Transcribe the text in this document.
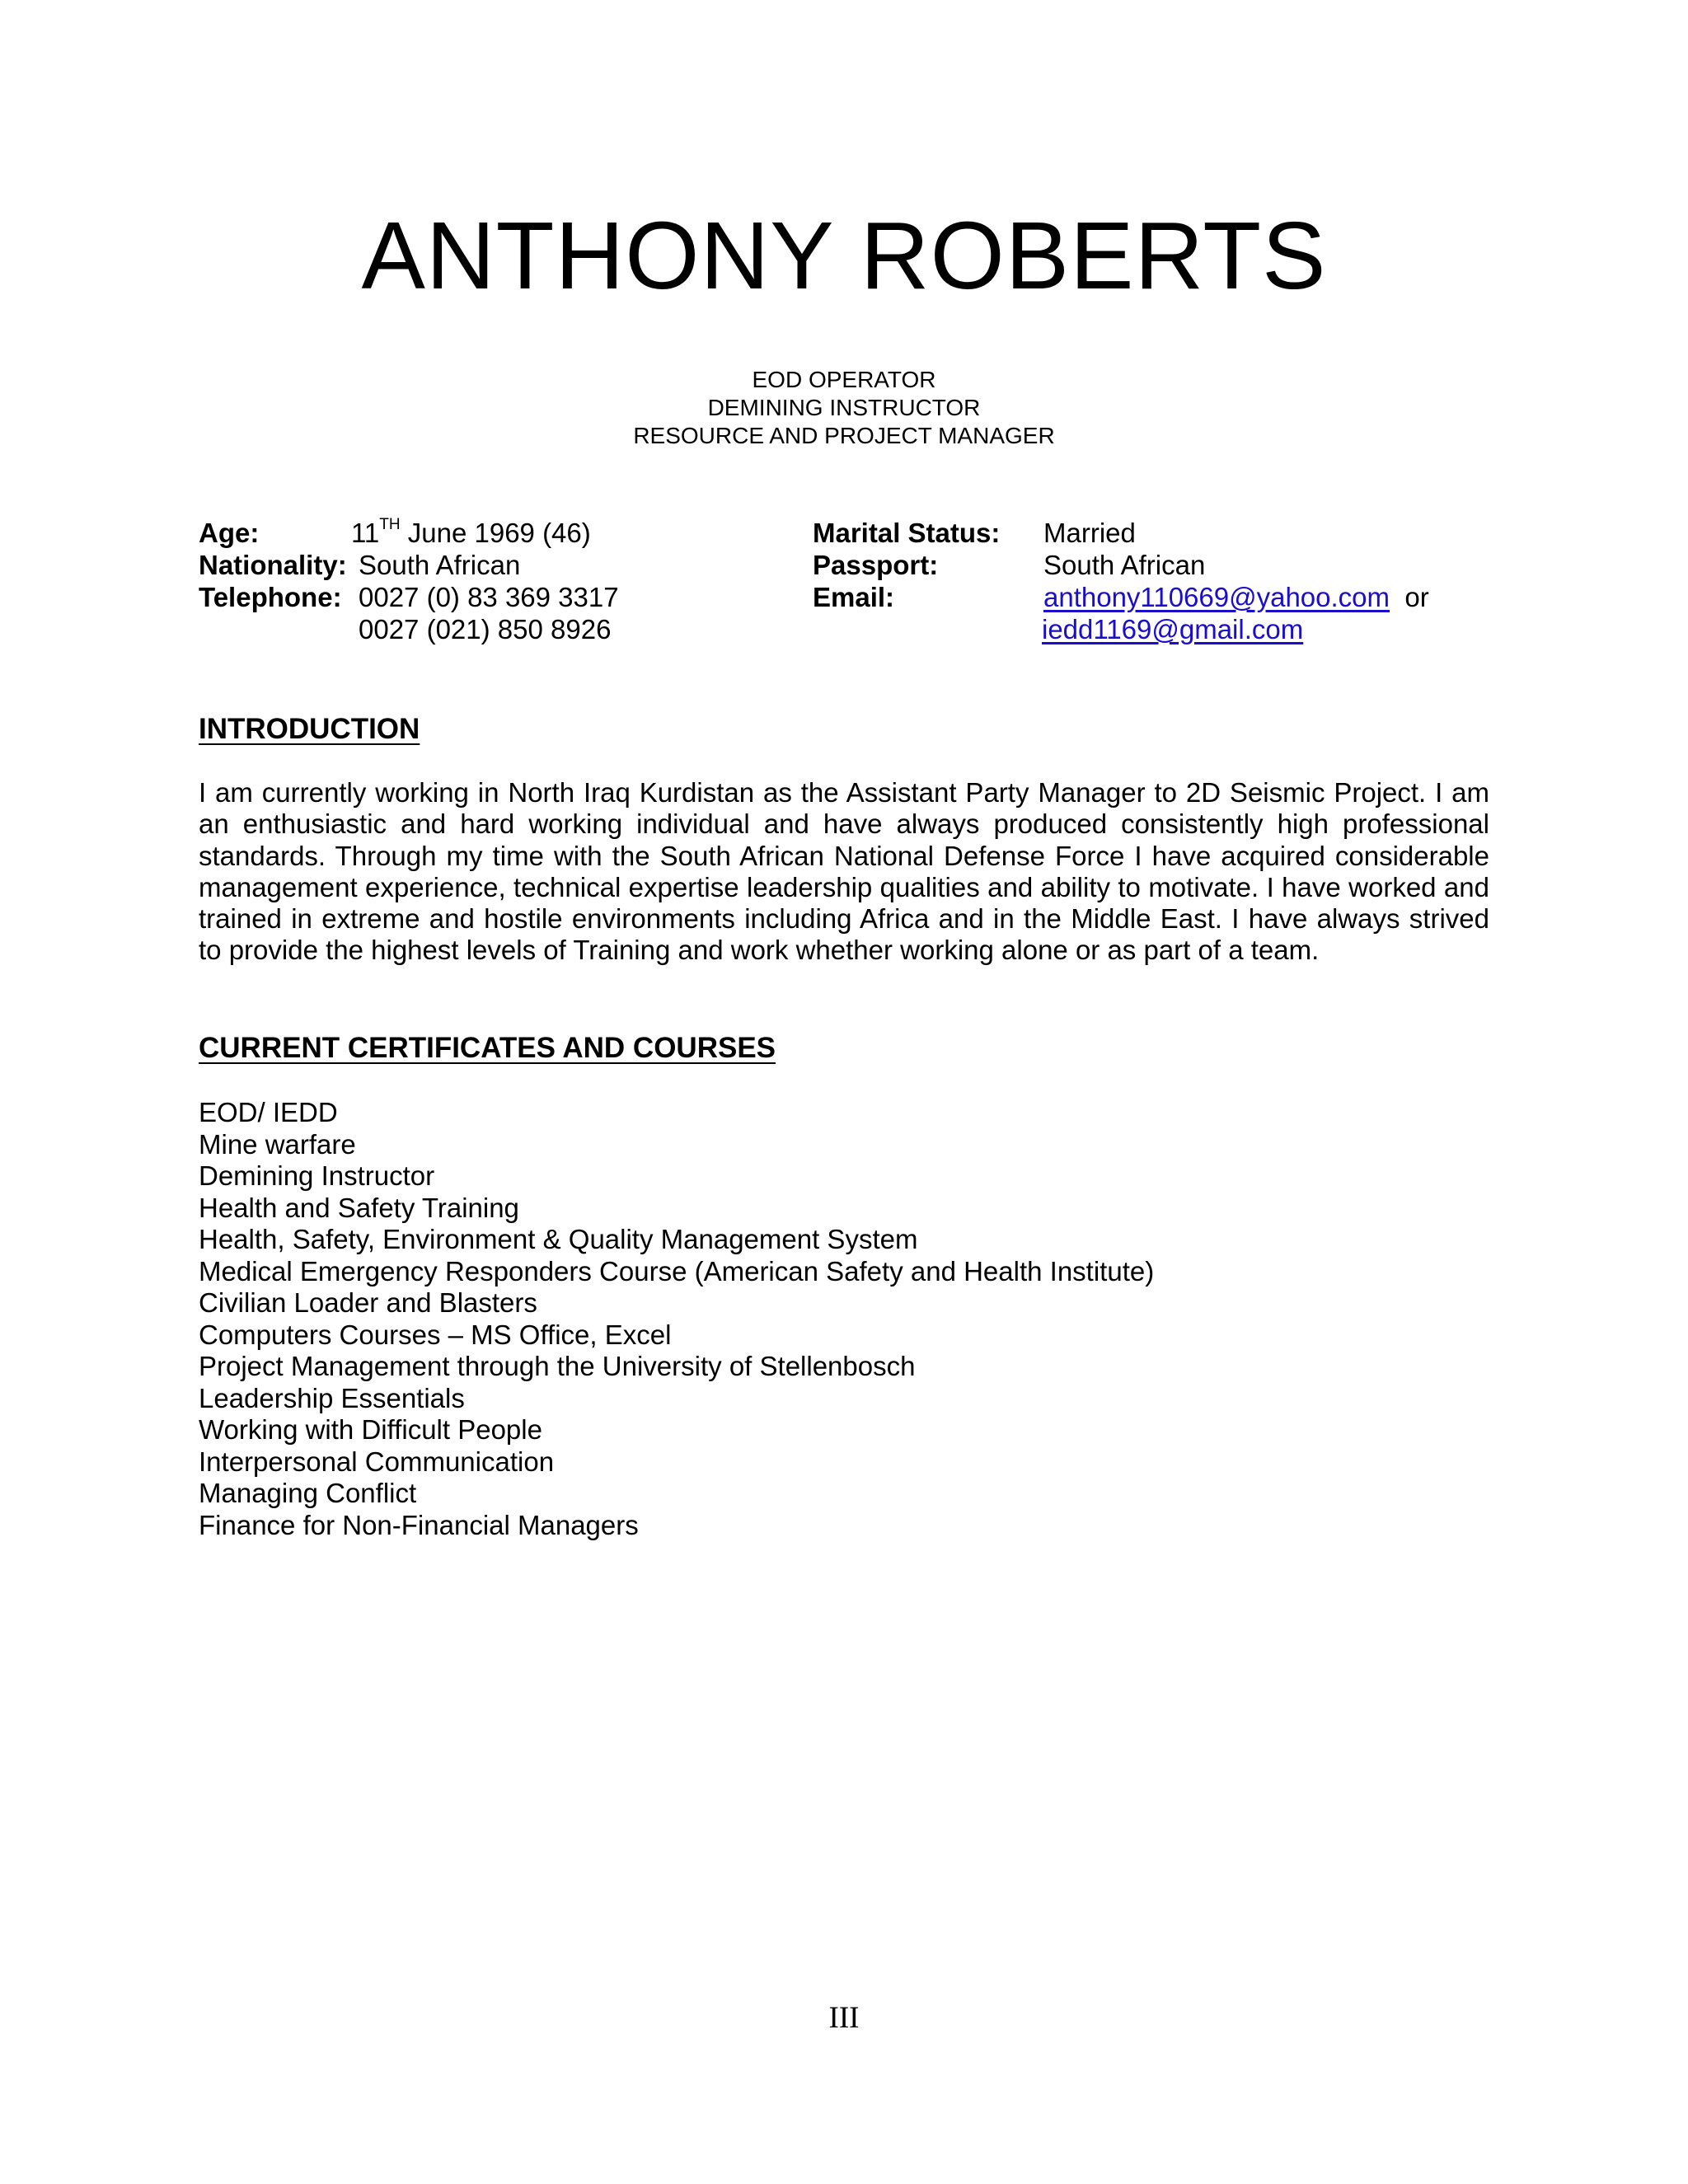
ANTHONY ROBERTS
EOD OPERATOR
DEMINING INSTRUCTOR
RESOURCE AND PROJECT MANAGER
Age:	11TH June 1969 (46)
Nationality: South African
Telephone: 0027 (0) 83 369 3317
0027 (021) 850 8926
Marital Status: Married
Passport:	South African
Email:	anthony110669@yahoo.com or
iedd1169@gmail.com
INTRODUCTION
I am currently working in North Iraq Kurdistan as the Assistant Party Manager to 2D Seismic Project. I am an enthusiastic and hard working individual and have always produced consistently high professional standards. Through my time with the South African National Defense Force I have acquired considerable management experience, technical expertise leadership qualities and ability to motivate. I have worked and trained in extreme and hostile environments including Africa and in the Middle East. I have always strived to provide the highest levels of Training and work whether working alone or as part of a team.
CURRENT CERTIFICATES AND COURSES
EOD/ IEDD
Mine warfare
Demining Instructor
Health and Safety Training
Health, Safety, Environment & Quality Management System
Medical Emergency Responders Course (American Safety and Health Institute)
Civilian Loader and Blasters
Computers Courses – MS Office, Excel
Project Management through the University of Stellenbosch
Leadership Essentials
Working with Difficult People
Interpersonal Communication
Managing Conflict
Finance for Non-Financial Managers
III
